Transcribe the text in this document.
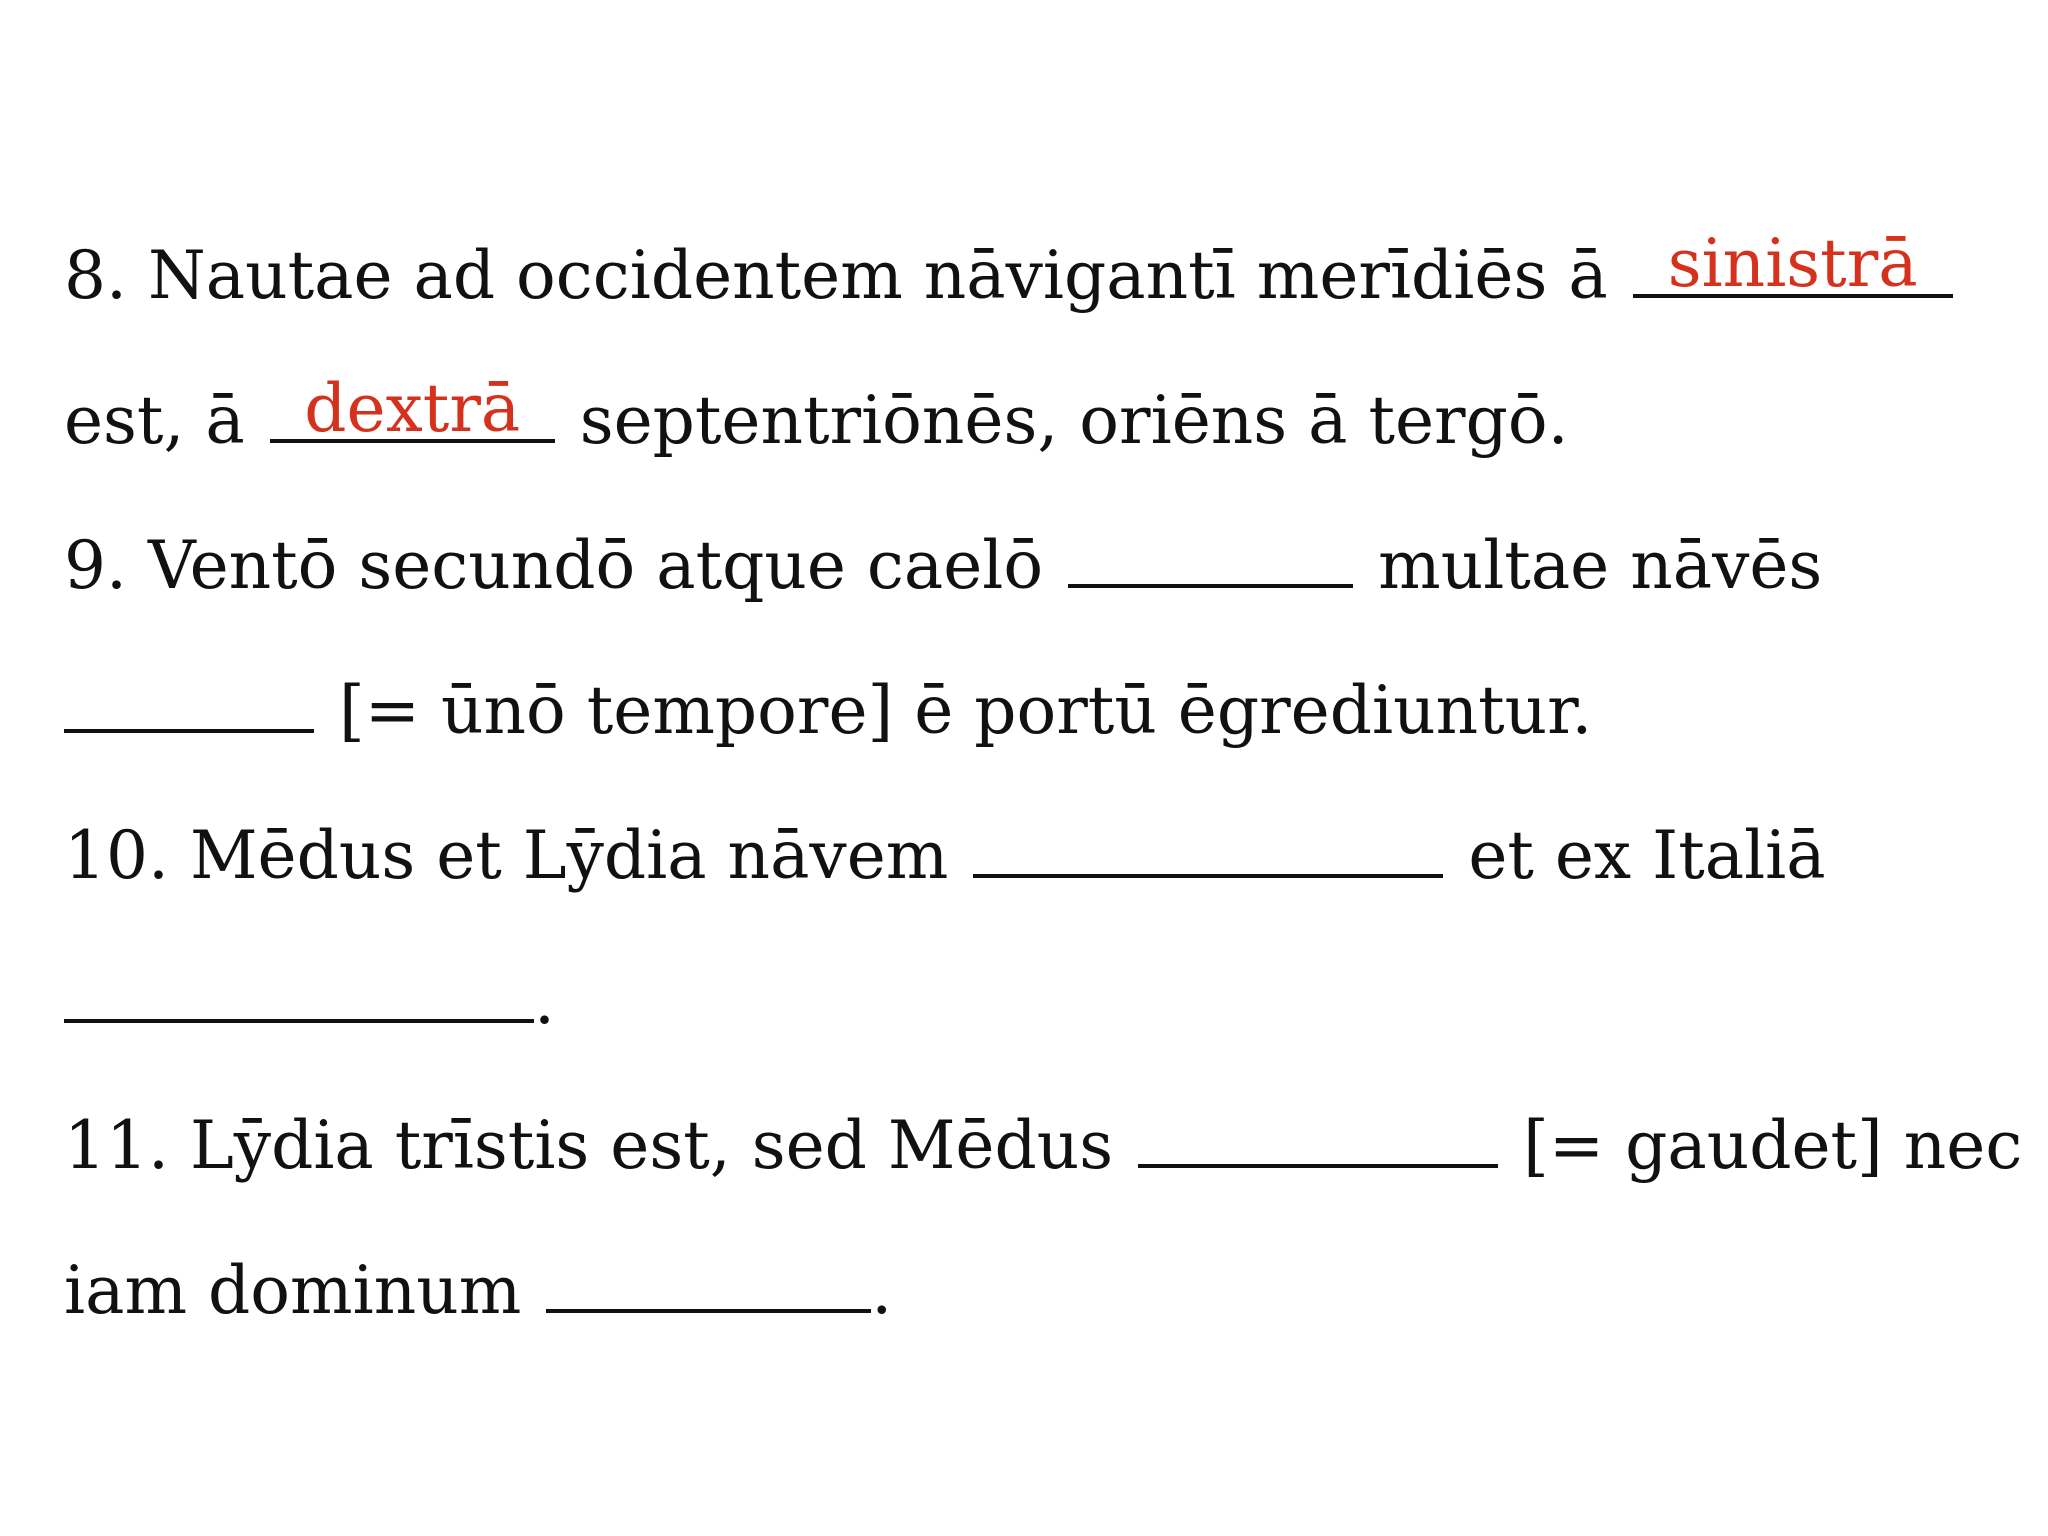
8. Nautae ad occidentem nāvigantī merīdiēs ā sinistrā
est, ā dextrā septentriōnēs, oriēns ā tergō.
9. Ventō secundō atque caelō	multae nāvēs
[= ūnō tempore] ē portū ēgrediuntur.
10. Mēdus et Lȳdia nāvem	et ex Italiā
.
11. Lȳdia trīstis est, sed Mēdus	[= gaudet] nec
iam dominum	.
